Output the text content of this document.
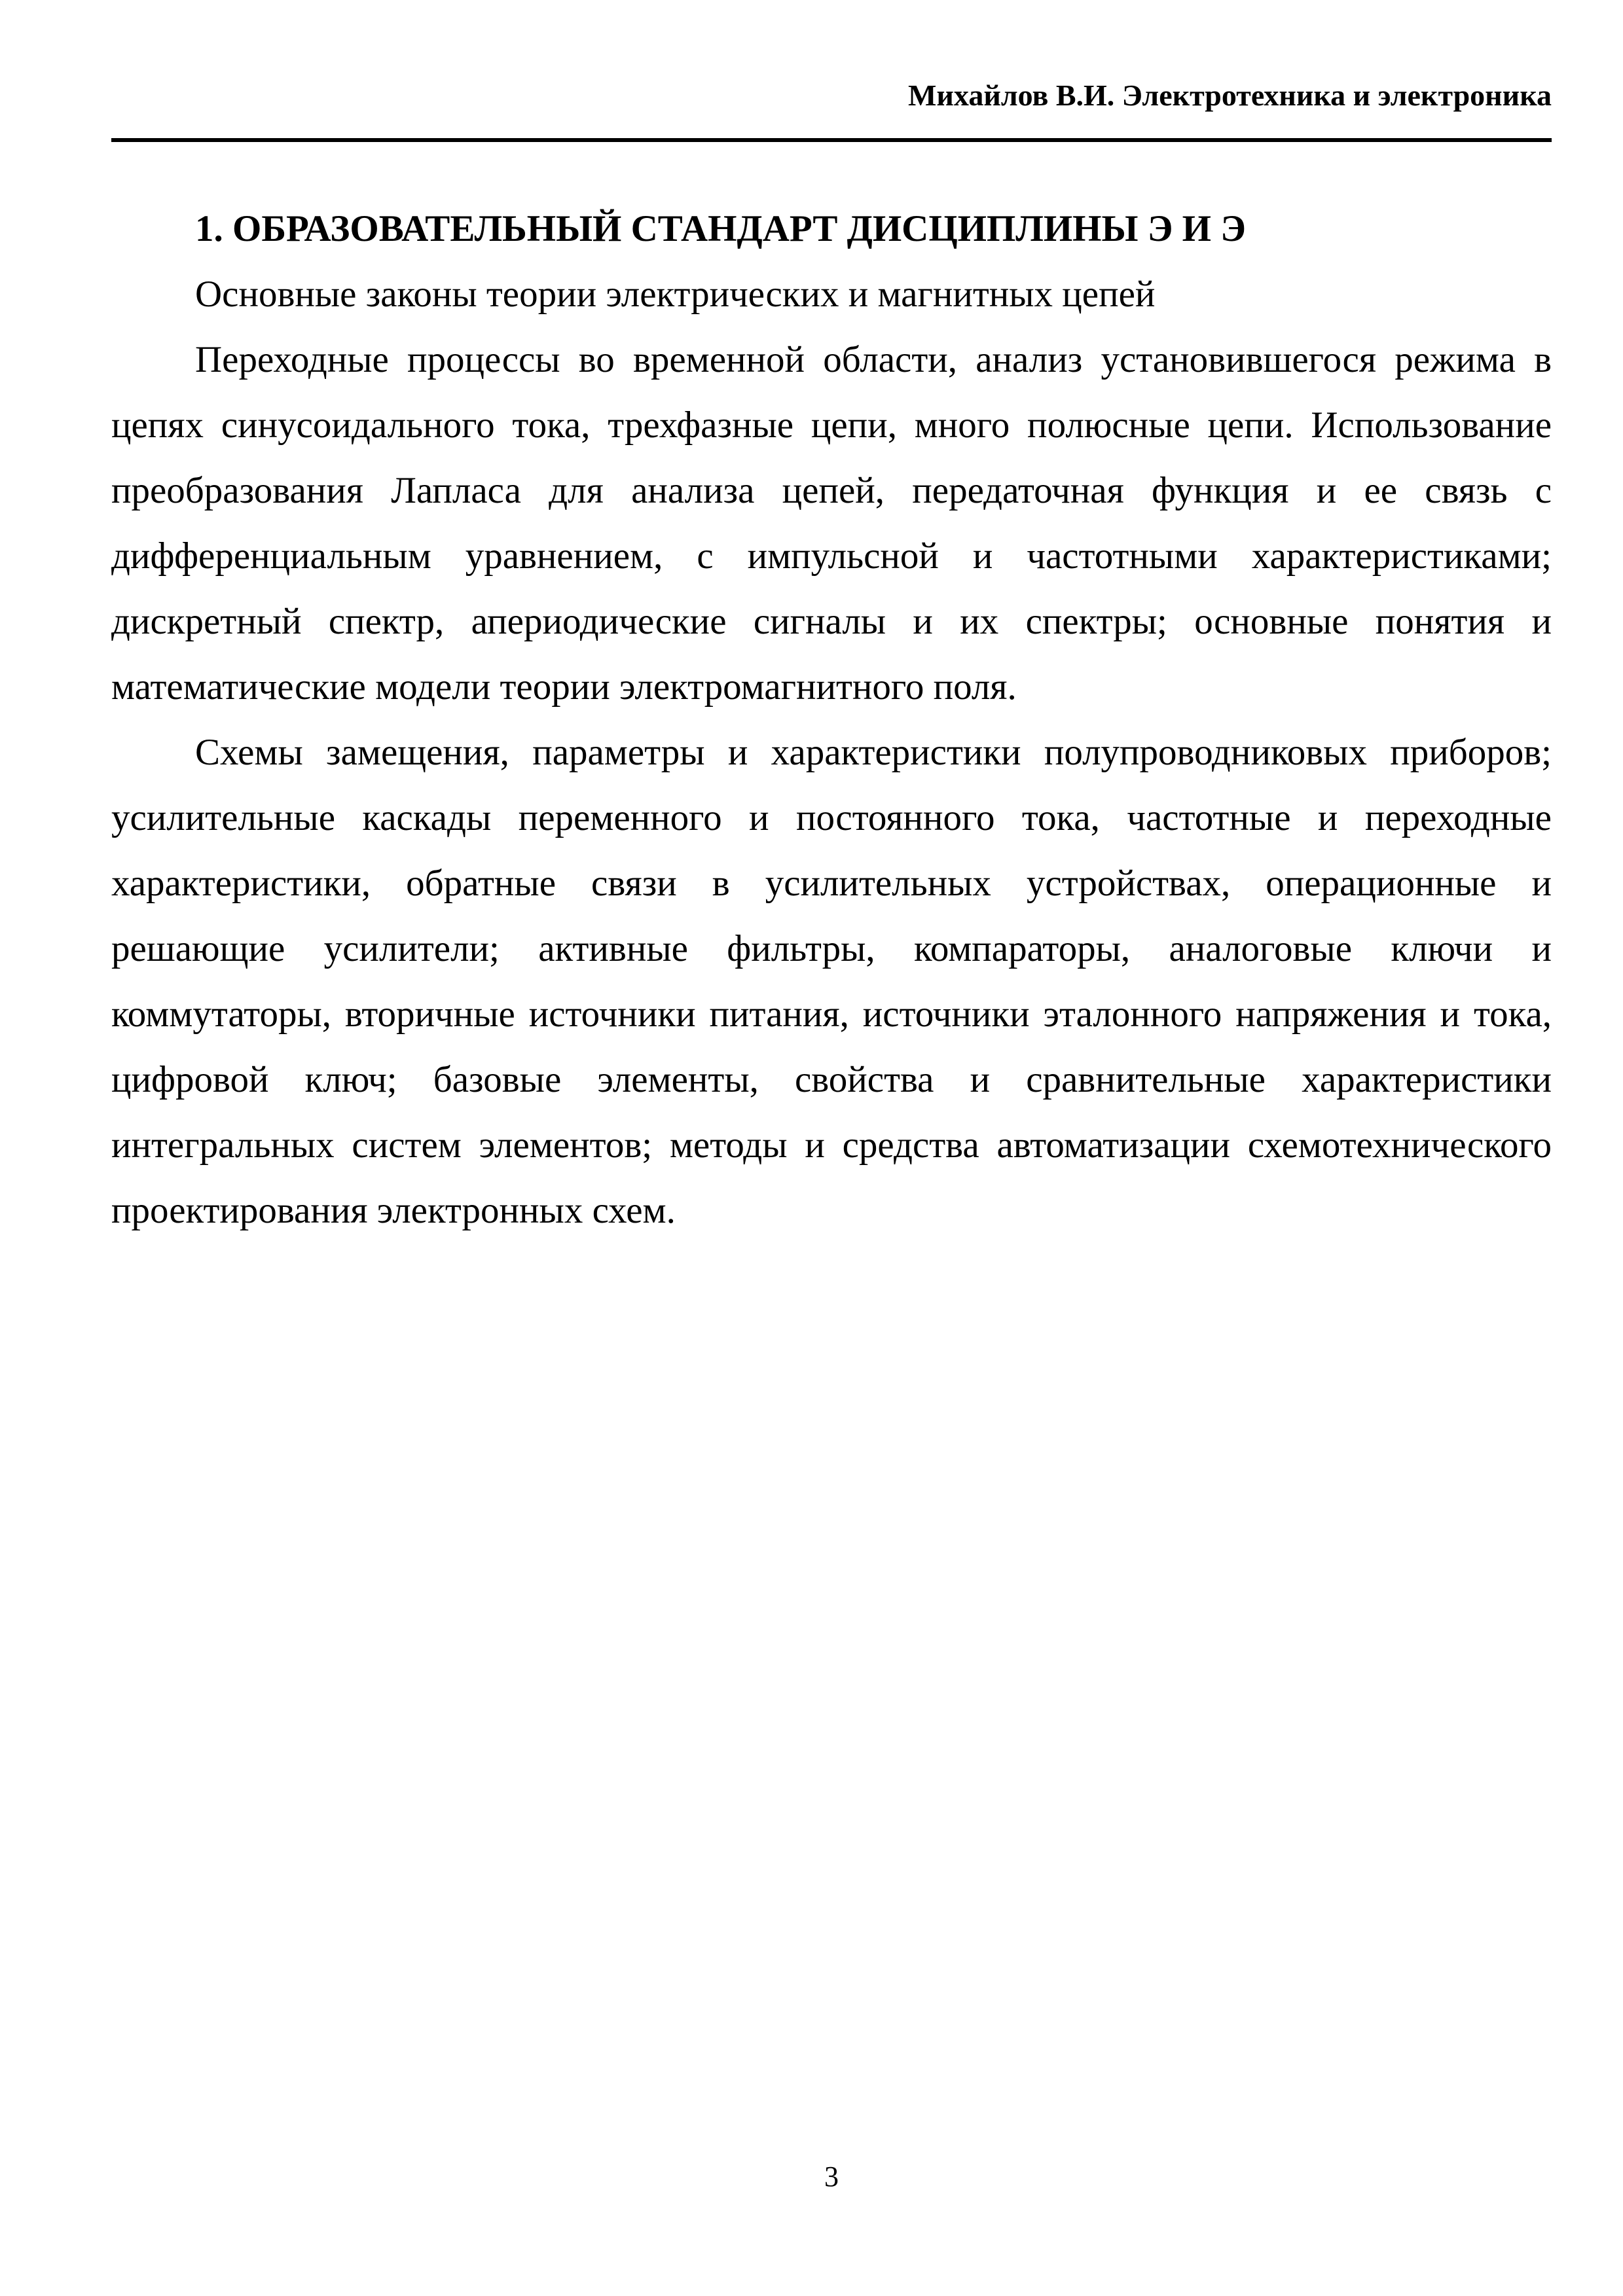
Михайлов В.И. Электротехника и электроника
1. ОБРАЗОВАТЕЛЬНЫЙ СТАНДАРТ ДИСЦИПЛИНЫ Э И Э

Основные законы теории электрических и магнитных цепей

Переходные процессы во временной области, анализ установившегося режима в цепях синусоидального тока, трехфазные цепи, много полюсные цепи. Использование преобразования Лапласа для анализа цепей, передаточная функция и ее связь с дифференциальным уравнением, с импульсной и частотными характеристиками; дискретный спектр, апериодические сигналы и их спектры; основные понятия и математические модели теории электромагнитного поля.

Схемы замещения, параметры и характеристики полупроводниковых приборов; усилительные каскады переменного и постоянного тока, частотные и переходные характеристики, обратные связи в усилительных устройствах, операционные и решающие усилители; активные фильтры, компараторы, аналоговые ключи и коммутаторы, вторичные источники питания, источники эталонного напряжения и тока, цифровой ключ; базовые элементы, свойства и сравнительные характеристики интегральных систем элементов; методы и средства автоматизации схемотехнического проектирования электронных схем.

3
